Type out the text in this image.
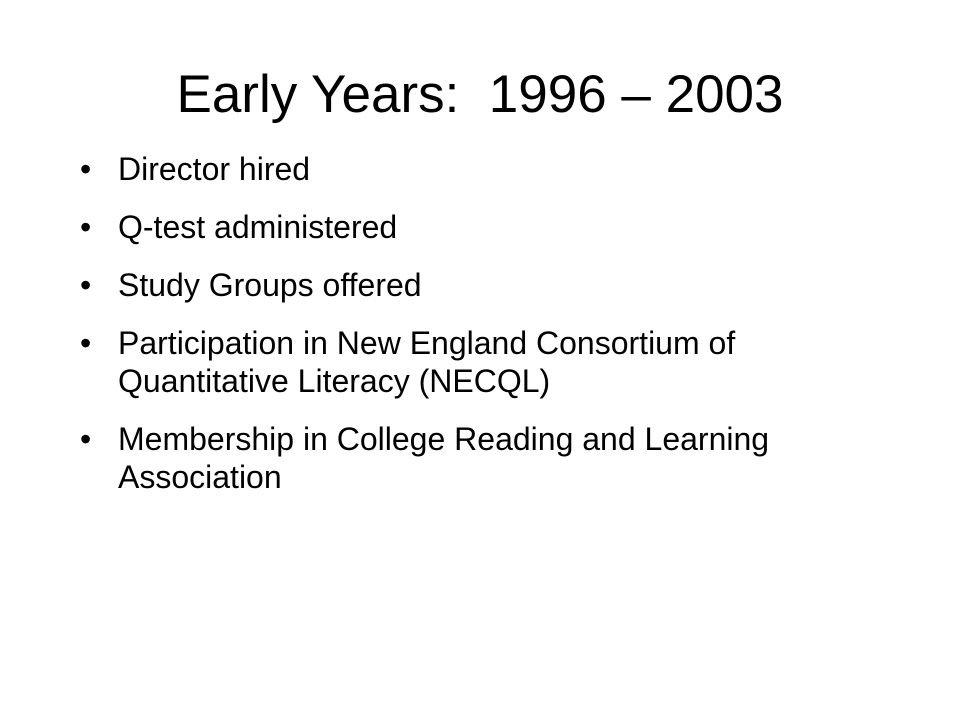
Early Years:  1996 – 2003
• Director hired
• Q-test administered
• Study Groups offered
• Participation in New England Consortium of Quantitative Literacy (NECQL)
• Membership in College Reading and Learning Association
